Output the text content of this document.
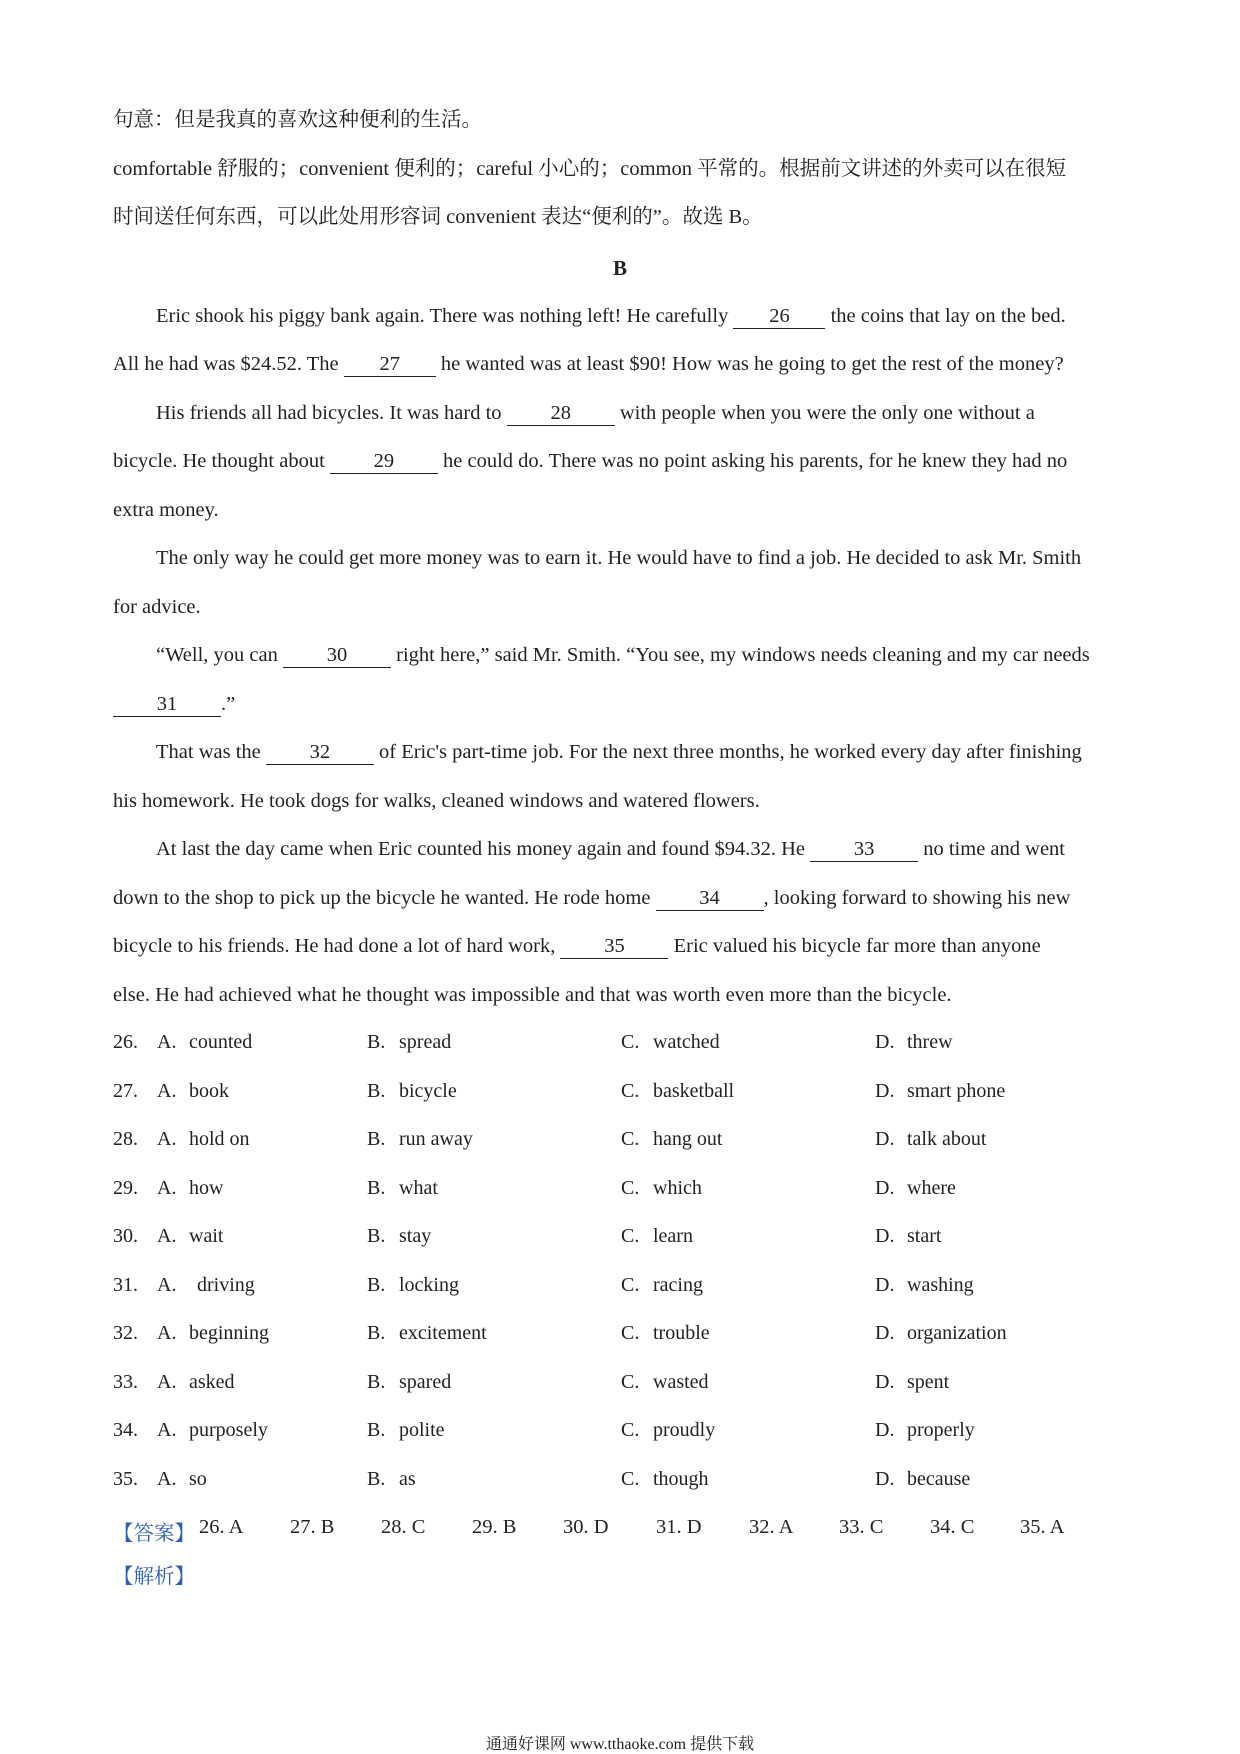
句意：但是我真的喜欢这种便利的生活。
comfortable 舒服的；convenient 便利的；careful 小心的；common 平常的。根据前文讲述的外卖可以在很短
时间送任何东西，可以此处用形容词 convenient 表达“便利的”。故选 B。
B
Eric shook his piggy bank again. There was nothing left! He carefully 26 the coins that lay on the bed.
All he had was $24.52. The 27 he wanted was at least $90! How was he going to get the rest of the money?
His friends all had bicycles. It was hard to 28 with people when you were the only one without a
bicycle. He thought about 29 he could do. There was no point asking his parents, for he knew they had no
extra money.
The only way he could get more money was to earn it. He would have to find a job. He decided to ask Mr. Smith
for advice.
“Well, you can 30 right here,” said Mr. Smith. “You see, my windows needs cleaning and my car needs
31 .”
That was the 32 of Eric's part-time job. For the next three months, he worked every day after finishing
his homework. He took dogs for walks, cleaned windows and watered flowers.
At last the day came when Eric counted his money again and found $94.32. He 33 no time and went
down to the shop to pick up the bicycle he wanted. He rode home 34 , looking forward to showing his new
bicycle to his friends. He had done a lot of hard work, 35 Eric valued his bicycle far more than anyone
else. He had achieved what he thought was impossible and that was worth even more than the bicycle.
26. A. counted	B. spread	C. watched	D. threw
27. A. book	B. bicycle	C. basketball	D. smart phone
28. A. hold on	B. run away	C. hang out	D. talk about
29. A. how	B. what	C. which	D. where
30. A. wait	B. stay	C. learn	D. start
31. A. driving	B. locking	C. racing	D. washing
32. A. beginning	B. excitement	C. trouble	D. organization
33. A. asked	B. spared	C. wasted	D. spent
34. A. purposely	B. polite	C. proudly	D. properly
35. A. so	B. as	C. though	D. because
【答案】 26. A 27. B 28. C 29. B 30. D 31. D 32. A 33. C 34. C 35. A
【解析】
通通好课网 www.tthaoke.com 提供下载
